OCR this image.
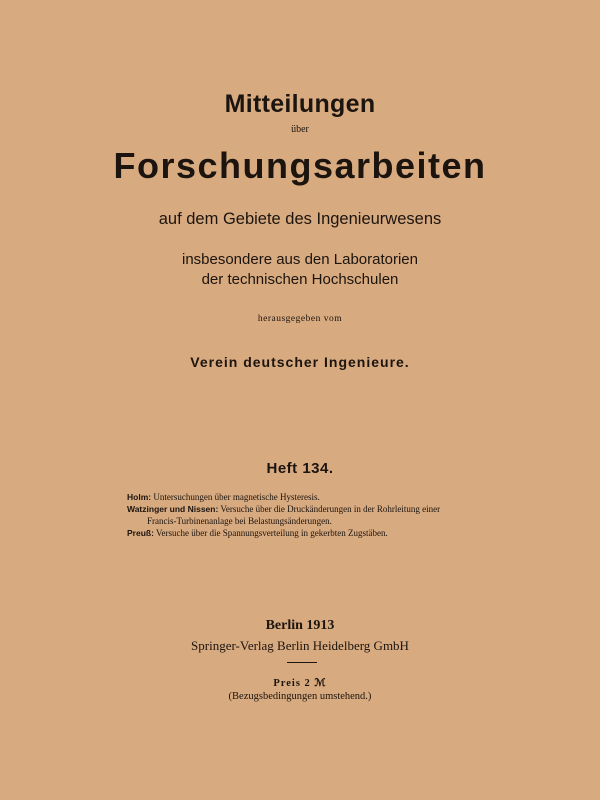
Mitteilungen
über
Forschungsarbeiten
auf dem Gebiete des Ingenieurwesens
insbesondere aus den Laboratorien
der technischen Hochschulen
herausgegeben vom
Verein deutscher Ingenieure.
Heft 134.
Holm: Untersuchungen über magnetische Hysteresis.
Watzinger und Nissen: Versuche über die Druckänderungen in der Rohrleitung einer
Francis-Turbinenanlage bei Belastungsänderungen.
Preuß: Versuche über die Spannungsverteilung in gekerbten Zugstäben.
Berlin 1913
Springer-Verlag Berlin Heidelberg GmbH
Preis 2 ℳ
(Bezugsbedingungen umstehend.)
